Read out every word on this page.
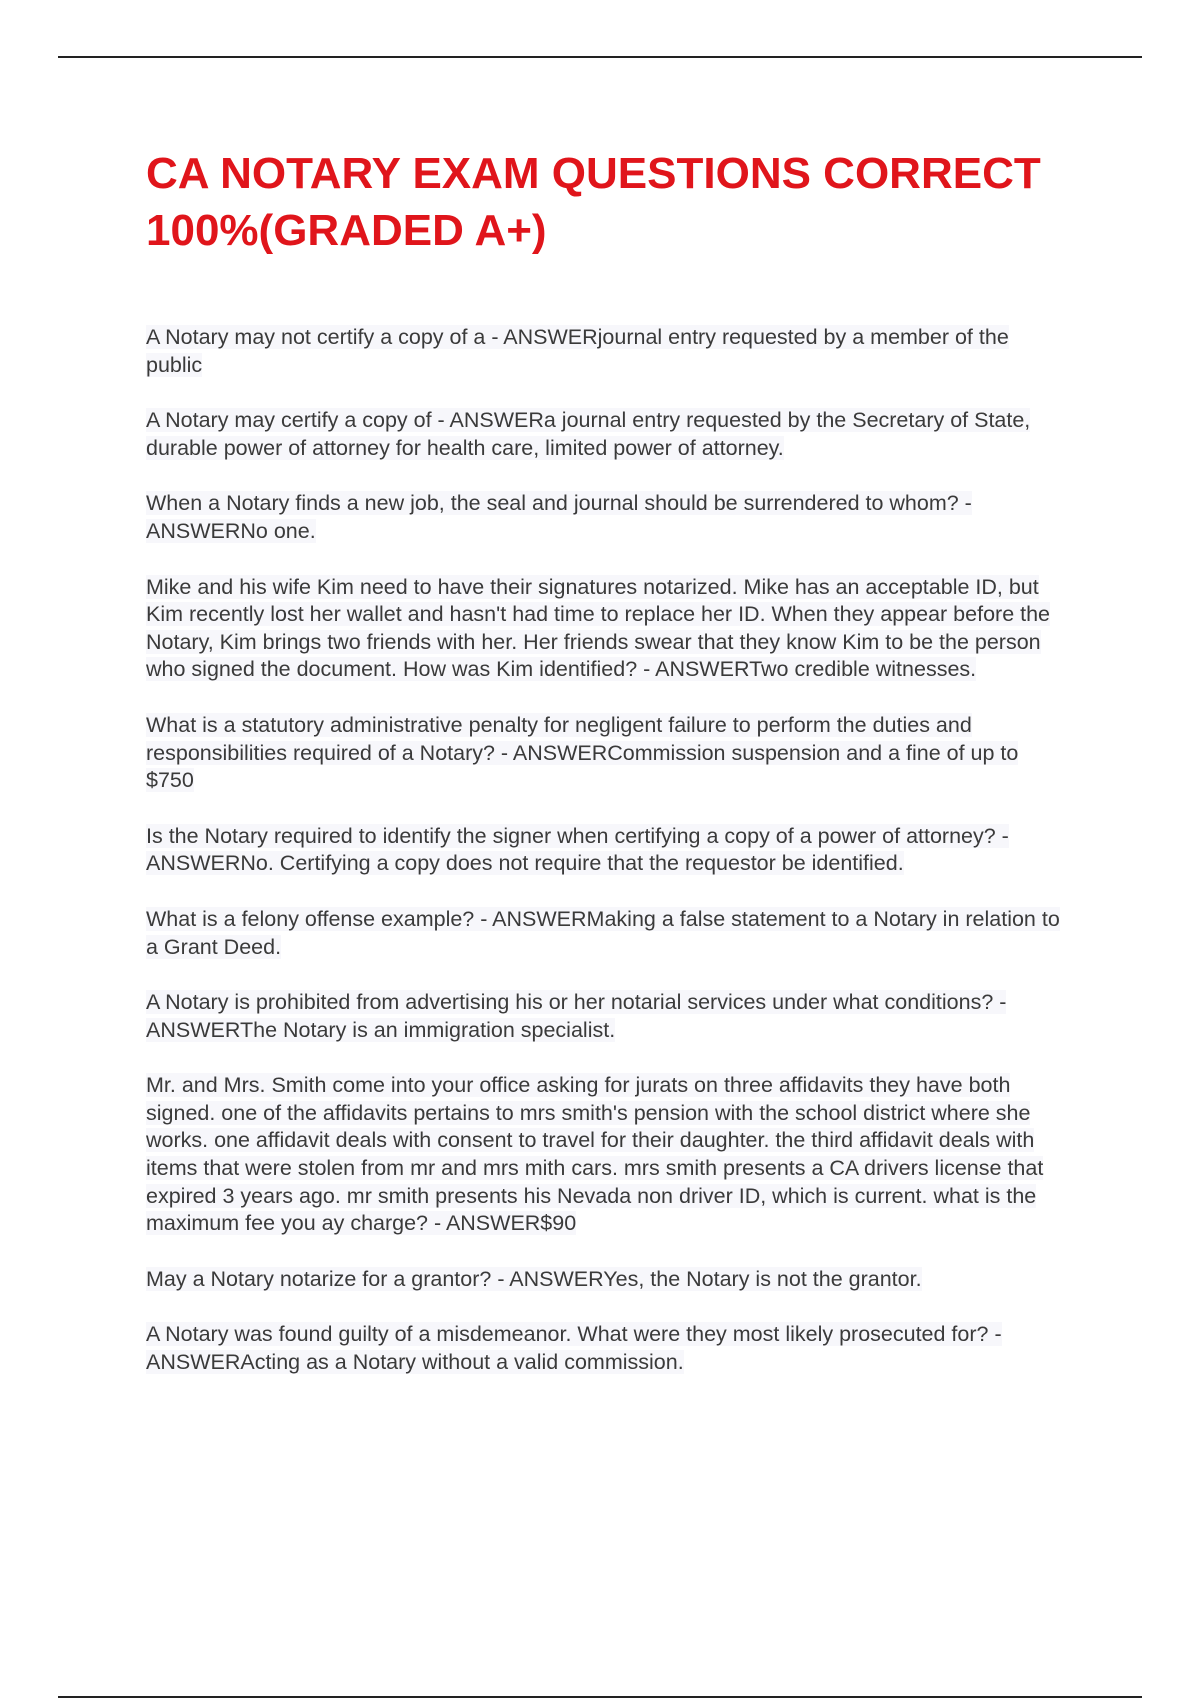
CA NOTARY EXAM QUESTIONS CORRECT 100%(GRADED A+)

A Notary may not certify a copy of a - ANSWERjournal entry requested by a member of the public

A Notary may certify a copy of - ANSWERa journal entry requested by the Secretary of State, durable power of attorney for health care, limited power of attorney.

When a Notary finds a new job, the seal and journal should be surrendered to whom? - ANSWERNo one.

Mike and his wife Kim need to have their signatures notarized. Mike has an acceptable ID, but Kim recently lost her wallet and hasn't had time to replace her ID. When they appear before the Notary, Kim brings two friends with her. Her friends swear that they know Kim to be the person who signed the document. How was Kim identified? - ANSWERTwo credible witnesses.

What is a statutory administrative penalty for negligent failure to perform the duties and responsibilities required of a Notary? - ANSWERCommission suspension and a fine of up to $750

Is the Notary required to identify the signer when certifying a copy of a power of attorney? - ANSWERNo. Certifying a copy does not require that the requestor be identified.

What is a felony offense example? - ANSWERMaking a false statement to a Notary in relation to a Grant Deed.

A Notary is prohibited from advertising his or her notarial services under what conditions? - ANSWERThe Notary is an immigration specialist.

Mr. and Mrs. Smith come into your office asking for jurats on three affidavits they have both signed. one of the affidavits pertains to mrs smith's pension with the school district where she works. one affidavit deals with consent to travel for their daughter. the third affidavit deals with items that were stolen from mr and mrs mith cars. mrs smith presents a CA drivers license that expired 3 years ago. mr smith presents his Nevada non driver ID, which is current. what is the maximum fee you ay charge? - ANSWER$90

May a Notary notarize for a grantor? - ANSWERYes, the Notary is not the grantor.

A Notary was found guilty of a misdemeanor. What were they most likely prosecuted for? - ANSWERActing as a Notary without a valid commission.
